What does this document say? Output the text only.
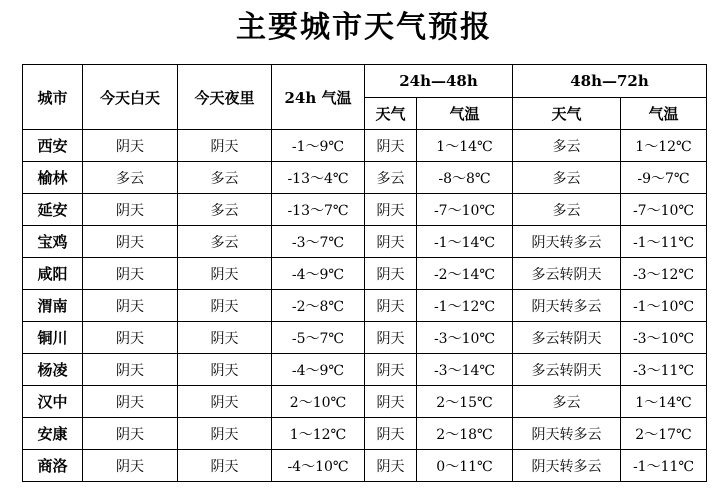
主要城市天气预报
城市	今天白天	今天夜里	24h 气温	24h—48h		48h—72h	
				天气	气温	天气	气温
西安	阴天	阴天	-1～9℃	阴天	1～14℃	多云	1～12℃
榆林	多云	多云	-13～4℃	多云	-8～8℃	多云	-9～7℃
延安	阴天	多云	-13～7℃	阴天	-7～10℃	多云	-7～10℃
宝鸡	阴天	多云	-3～7℃	阴天	-1～14℃	阴天转多云	-1～11℃
咸阳	阴天	阴天	-4～9℃	阴天	-2～14℃	多云转阴天	-3～12℃
渭南	阴天	阴天	-2～8℃	阴天	-1～12℃	阴天转多云	-1～10℃
铜川	阴天	阴天	-5～7℃	阴天	-3～10℃	多云转阴天	-3～10℃
杨凌	阴天	阴天	-4～9℃	阴天	-3～14℃	多云转阴天	-3～11℃
汉中	阴天	阴天	2～10℃	阴天	2～15℃	多云	1～14℃
安康	阴天	阴天	1～12℃	阴天	2～18℃	阴天转多云	2～17℃
商洛	阴天	阴天	-4～10℃	阴天	0～11℃	阴天转多云	-1～11℃
